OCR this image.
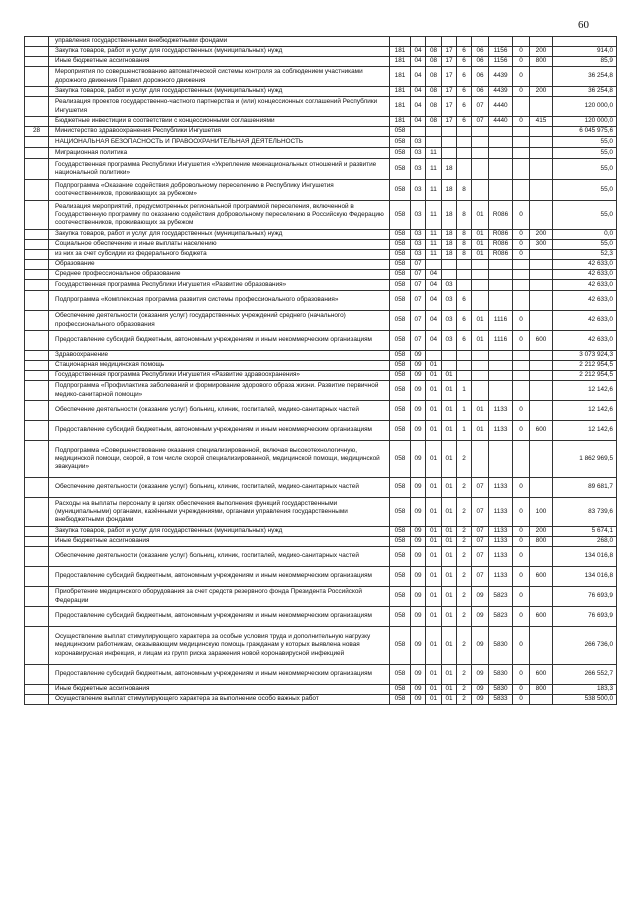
60
	управления государственными внебюджетными фондами										
	Закупка товаров, работ и услуг для государственных (муниципальных) нужд	181	04	08	17	6	06	1156	0	200	914,0
	Иные бюджетные ассигнования	181	04	08	17	6	06	1156	0	800	85,9
	Мероприятия по совершенствованию автоматической системы контроля за соблюдением участниками дорожного движения Правил дорожного движения	181	04	08	17	6	06	4439	0		36 254,8
	Закупка товаров, работ и услуг для государственных (муниципальных) нужд	181	04	08	17	6	06	4439	0	200	36 254,8
	Реализация проектов государственно-частного партнерства и (или) концессионных соглашений Республики Ингушетия	181	04	08	17	6	07	4440			120 000,0
	Бюджетные инвестиции в соответствии с концессионными соглашениями	181	04	08	17	6	07	4440	0	415	120 000,0
28	Министерство здравоохранения Республики Ингушетия	058									6 045 975,6
	НАЦИОНАЛЬНАЯ БЕЗОПАСНОСТЬ И ПРАВООХРАНИТЕЛЬНАЯ ДЕЯТЕЛЬНОСТЬ	058	03								55,0
	Миграционная политика	058	03	11							55,0
	Государственная программа Республики Ингушетия «Укрепление межнациональных отношений и развитие национальной политики»	058	03	11	18						55,0
	Подпрограмма «Оказание содействия добровольному переселению в Республику Ингушетия соотечественников, проживающих за рубежом»	058	03	11	18	8					55,0
	Реализация мероприятий, предусмотренных региональной программой переселения, включенной в Государственную программу по оказанию содействия добровольному переселению в Российскую Федерацию соотечественников, проживающих за рубежом	058	03	11	18	8	01	R086	0		55,0
	Закупка товаров, работ и услуг для государственных (муниципальных) нужд	058	03	11	18	8	01	R086	0	200	0,0
	Социальное обеспечение и иные выплаты населению	058	03	11	18	8	01	R086	0	300	55,0
	из них за счет субсидии из федерального бюджета	058	03	11	18	8	01	R086	0		52,3
	Образование	058	07								42 633,0
	Среднее профессиональное образование	058	07	04							42 633,0
	Государственная программа Республики Ингушетия «Развитие образования»	058	07	04	03						42 633,0
	Подпрограмма «Комплексная программа развития системы профессионального образования»	058	07	04	03	6					42 633,0
	Обеспечение деятельности (оказания услуг) государственных учреждений среднего (начального) профессионального образования	058	07	04	03	6	01	1116	0		42 633,0
	Предоставление субсидий бюджетным, автономным учреждениям и иным некоммерческим организациям	058	07	04	03	6	01	1116	0	600	42 633,0
	Здравоохранение	058	09								3 073 924,3
	Стационарная медицинская помощь	058	09	01							2 212 954,5
	Государственная программа Республики Ингушетия «Развитие здравоохранения»	058	09	01	01						2 212 954,5
	Подпрограмма «Профилактика заболеваний и формирование здорового образа жизни. Развитие первичной медико-санитарной помощи»	058	09	01	01	1					12 142,6
	Обеспечение деятельности (оказание услуг) больниц, клиник, госпиталей, медико-санитарных частей	058	09	01	01	1	01	1133	0		12 142,6
	Предоставление субсидий бюджетным, автономным учреждениям и иным некоммерческим организациям	058	09	01	01	1	01	1133	0	600	12 142,6
	Подпрограмма «Совершенствование оказания специализированной, включая высокотехнологичную, медицинской помощи, скорой, в том числе скорой специализированной, медицинской помощи, медицинской эвакуации»	058	09	01	01	2					1 862 969,5
	Обеспечение деятельности (оказание услуг) больниц, клиник, госпиталей, медико-санитарных частей	058	09	01	01	2	07	1133	0		89 681,7
	Расходы на выплаты персоналу в целях обеспечения выполнения функций государственными (муниципальными) органами, казёнными учреждениями, органами управления государственными внебюджетными фондами	058	09	01	01	2	07	1133	0	100	83 739,6
	Закупка товаров, работ и услуг для государственных (муниципальных) нужд	058	09	01	01	2	07	1133	0	200	5 674,1
	Иные бюджетные ассигнования	058	09	01	01	2	07	1133	0	800	268,0
	Обеспечение деятельности (оказание услуг) больниц, клиник, госпиталей, медико-санитарных частей	058	09	01	01	2	07	1133	0		134 016,8
	Предоставление субсидий бюджетным, автономным учреждениям и иным некоммерческим организациям	058	09	01	01	2	07	1133	0	600	134 016,8
	Приобретение медицинского оборудования за счет средств резервного фонда Президента Российской Федерации	058	09	01	01	2	09	5823	0		76 693,9
	Предоставление субсидий бюджетным, автономным учреждениям и иным некоммерческим организациям	058	09	01	01	2	09	5823	0	600	76 693,9
	Осуществление выплат стимулирующего характера за особые условия труда и дополнительную нагрузку медицинским работникам, оказывающим медицинскую помощь гражданам у которых выявлена новая коронавирусная инфекция, и лицам из групп риска заражения новой коронавирусной инфекцией	058	09	01	01	2	09	5830	0		266 736,0
	Предоставление субсидий бюджетным, автономным учреждениям и иным некоммерческим организациям	058	09	01	01	2	09	5830	0	600	266 552,7
	Иные бюджетные ассигнования	058	09	01	01	2	09	5830	0	800	183,3
	Осуществление выплат стимулирующего характера за выполнение особо важных работ	058	09	01	01	2	09	5833	0		538 500,0
